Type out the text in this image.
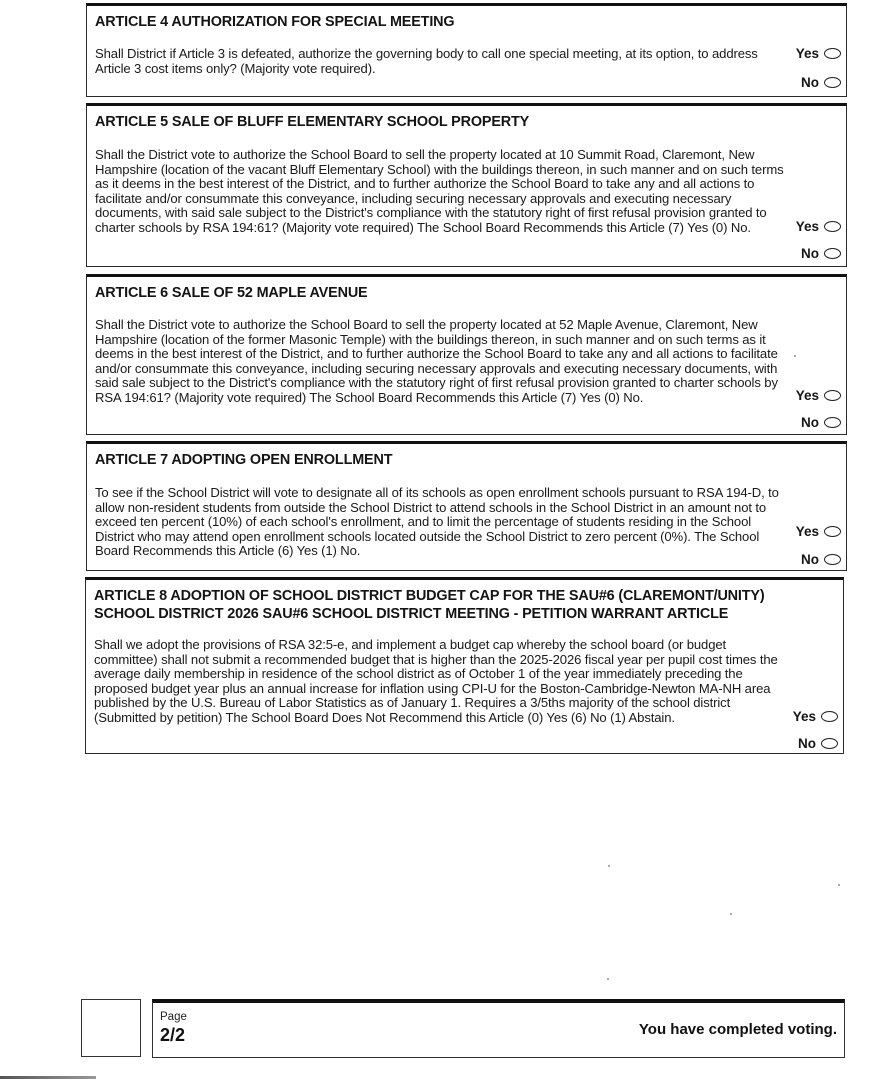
ARTICLE 4 AUTHORIZATION FOR SPECIAL MEETING
Shall District if Article 3 is defeated, authorize the governing body to call one special meeting, at its option, to address Article 3 cost items only? (Majority vote required).
Yes
No
ARTICLE 5 SALE OF BLUFF ELEMENTARY SCHOOL PROPERTY
Shall the District vote to authorize the School Board to sell the property located at 10 Summit Road, Claremont, New Hampshire (location of the vacant Bluff Elementary School) with the buildings thereon, in such manner and on such terms as it deems in the best interest of the District, and to further authorize the School Board to take any and all actions to facilitate and/or consummate this conveyance, including securing necessary approvals and executing necessary documents, with said sale subject to the District's compliance with the statutory right of first refusal provision granted to charter schools by RSA 194:61? (Majority vote required) The School Board Recommends this Article (7) Yes (0) No.	Yes
No
ARTICLE 6 SALE OF 52 MAPLE AVENUE
Shall the District vote to authorize the School Board to sell the property located at 52 Maple Avenue, Claremont, New Hampshire (location of the former Masonic Temple) with the buildings thereon, in such manner and on such terms as it deems in the best interest of the District, and to further authorize the School Board to take any and all actions to facilitate and/or consummate this conveyance, including securing necessary approvals and executing necessary documents, with said sale subject to the District's compliance with the statutory right of first refusal provision granted to charter schools by RSA 194:61? (Majority vote required) The School Board Recommends this Article (7) Yes (0) No.	Yes
No
ARTICLE 7 ADOPTING OPEN ENROLLMENT
To see if the School District will vote to designate all of its schools as open enrollment schools pursuant to RSA 194-D, to allow non-resident students from outside the School District to attend schools in the School District in an amount not to exceed ten percent (10%) of each school's enrollment, and to limit the percentage of students residing in the School District who may attend open enrollment schools located outside the School District to zero percent (0%). The School Board Recommends this Article (6) Yes (1) No.
Yes
No
ARTICLE 8 ADOPTION OF SCHOOL DISTRICT BUDGET CAP FOR THE SAU#6 (CLAREMONT/UNITY) SCHOOL DISTRICT 2026 SAU#6 SCHOOL DISTRICT MEETING - PETITION WARRANT ARTICLE
Shall we adopt the provisions of RSA 32:5-e, and implement a budget cap whereby the school board (or budget committee) shall not submit a recommended budget that is higher than the 2025-2026 fiscal year per pupil cost times the average daily membership in residence of the school district as of October 1 of the year immediately preceding the proposed budget year plus an annual increase for inflation using CPI-U for the Boston-Cambridge-Newton MA-NH area published by the U.S. Bureau of Labor Statistics as of January 1. Requires a 3/5ths majority of the school district (Submitted by petition) The School Board Does Not Recommend this Article (0) Yes (6) No (1) Abstain.	Yes
No
Page
2/2	You have completed voting.
